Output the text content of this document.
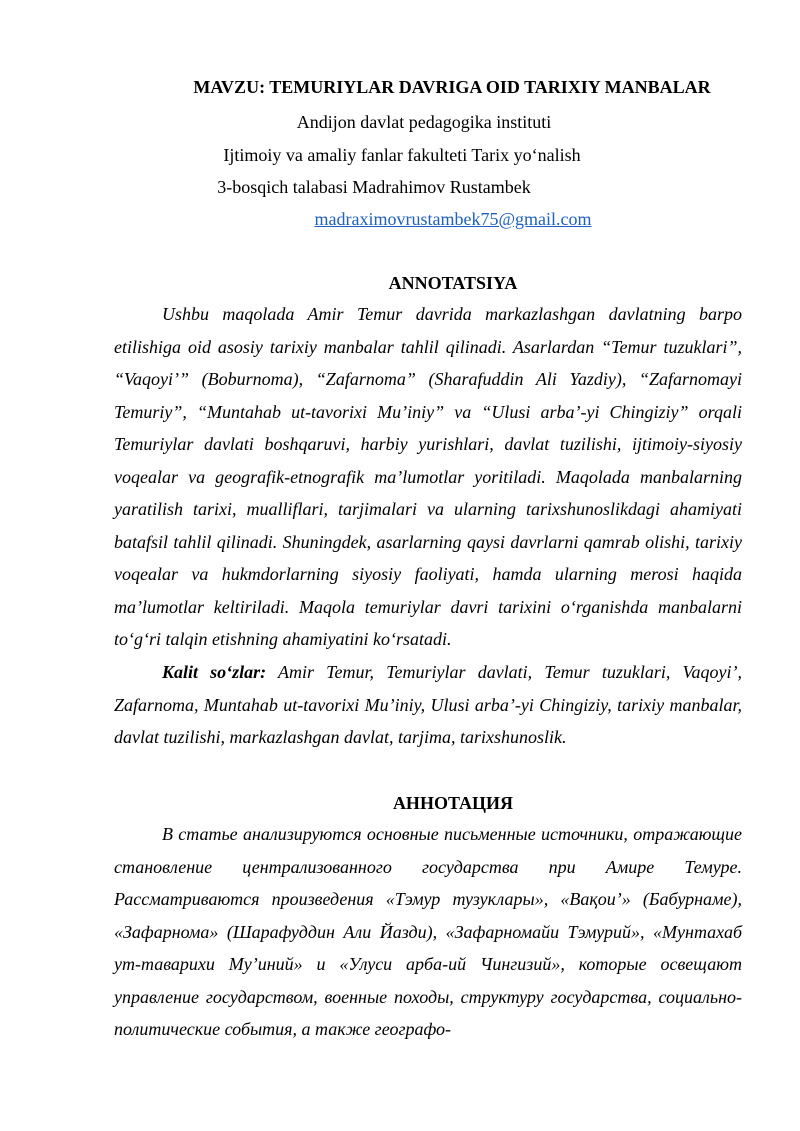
MAVZU: TEMURIYLAR DAVRIGA OID TARIXIY MANBALAR
Andijon davlat pedagogika instituti
Ijtimoiy va amaliy fanlar fakulteti Tarix yo‘nalish
3-bosqich talabasi Madrahimov Rustambek
madraximovrustambek75@gmail.com
ANNOTATSIYA

Ushbu maqolada Amir Temur davrida markazlashgan davlatning barpo etilishiga oid asosiy tarixiy manbalar tahlil qilinadi. Asarlardan “Temur tuzuklari”, “Vaqoyi’” (Boburnoma), “Zafarnoma” (Sharafuddin Ali Yazdiy), “Zafarnomayi Temuriy”, “Muntahab ut-tavorixi Mu’iniy” va “Ulusi arba’-yi Chingiziy” orqali Temuriylar davlati boshqaruvi, harbiy yurishlari, davlat tuzilishi, ijtimoiy-siyosiy voqealar va geografik-etnografik ma’lumotlar yoritiladi. Maqolada manbalarning yaratilish tarixi, mualliflari, tarjimalari va ularning tarixshunoslikdagi ahamiyati batafsil tahlil qilinadi. Shuningdek, asarlarning qaysi davrlarni qamrab olishi, tarixiy voqealar va hukmdorlarning siyosiy faoliyati, hamda ularning merosi haqida ma’lumotlar keltiriladi. Maqola temuriylar davri tarixini o‘rganishda manbalarni to‘g‘ri talqin etishning ahamiyatini ko‘rsatadi.

Kalit so‘zlar: Amir Temur, Temuriylar davlati, Temur tuzuklari, Vaqoyi’, Zafarnoma, Muntahab ut-tavorixi Mu’iniy, Ulusi arba’-yi Chingiziy, tarixiy manbalar, davlat tuzilishi, markazlashgan davlat, tarjima, tarixshunoslik.

АННОТАЦИЯ

В статье анализируются основные письменные источники, отражающие становление централизованного государства при Амире Темуре. Рассматриваются произведения «Тэмур тузуклары», «Вақои’» (Бабурнаме), «Зафарнома» (Шарафуддин Али Йазди), «Зафарномайи Тэмурий», «Мунтахаб ут-таварихи Му’иний» и «Улуси арба-ий Чингизий», которые освещают управление государством, военные походы, структуру государства, социально-политические события, а также географо-
